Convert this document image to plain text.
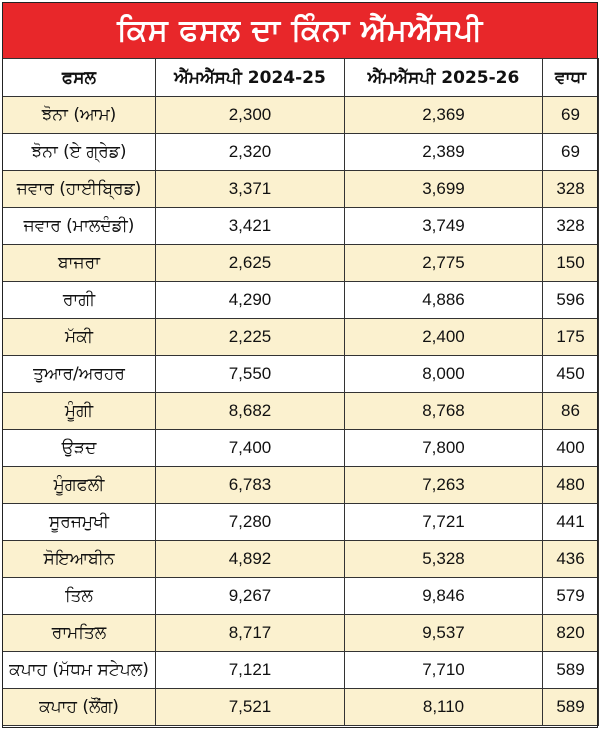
ਕਿਸ ਫਸਲ ਦਾ ਕਿੰਨਾ ਐੱਮਐੱਸਪੀ
ਫਸਲ	ਐੱਮਐੱਸਪੀ 2024-25	ਐੱਮਐੱਸਪੀ 2025-26	ਵਾਧਾ
ਝੋਨਾ (ਆਮ)	2,300	2,369	69
ਝੋਨਾ (ਏ ਗ੍ਰੇਡ)	2,320	2,389	69
ਜਵਾਰ (ਹਾਈਬ੍ਰਿਡ)	3,371	3,699	328
ਜਵਾਰ (ਮਾਲਦੰਡੀ)	3,421	3,749	328
ਬਾਜਰਾ	2,625	2,775	150
ਰਾਗੀ	4,290	4,886	596
ਮੱਕੀ	2,225	2,400	175
ਤੁਆਰ/ਅਰਹਰ	7,550	8,000	450
ਮੂੰਗੀ	8,682	8,768	86
ਉੜਦ	7,400	7,800	400
ਮੂੰਗਫਲੀ	6,783	7,263	480
ਸੂਰਜਮੁਖੀ	7,280	7,721	441
ਸੋਇਆਬੀਨ	4,892	5,328	436
ਤਿਲ	9,267	9,846	579
ਰਾਮਤਿਲ	8,717	9,537	820
ਕਪਾਹ (ਮੱਧਮ ਸਟੇਪਲ)	7,121	7,710	589
ਕਪਾਹ (ਲੌਂਗ)	7,521	8,110	589
